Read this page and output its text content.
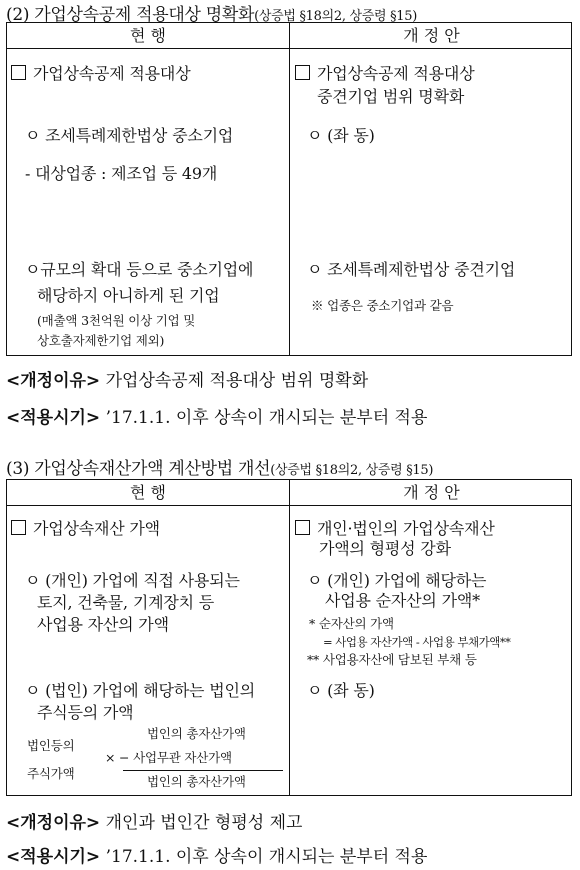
(2) 가업상속공제 적용대상 명확화(상증법 §18의2, 상증령 §15)
현 행	개 정 안
가업상속공제 적용대상
ㅇ 조세특례제한법상 중소기업
- 대상업종 : 제조업 등 49개
ㅇ규모의 확대 등으로 중소기업에
해당하지 아니하게 된 기업
(매출액 3천억원 이상 기업 및
상호출자제한기업 제외)
가업상속공제 적용대상
중견기업 범위 명확화
ㅇ (좌 동)
ㅇ 조세특례제한법상 중견기업
※ 업종은 중소기업과 같음
<개정이유> 가업상속공제 적용대상 범위 명확화
<적용시기> ’17.1.1. 이후 상속이 개시되는 분부터 적용
(3) 가업상속재산가액 계산방법 개선(상증법 §18의2, 상증령 §15)
현 행	개 정 안
가업상속재산 가액
ㅇ (개인) 가업에 직접 사용되는
토지, 건축물, 기계장치 등
사업용 자산의 가액
ㅇ (법인) 가업에 해당하는 법인의
주식등의 가액
법인등의
주식가액
법인의 총자산가액
× − 사업무관 자산가액
법인의 총자산가액
개인·법인의 가업상속재산
가액의 형평성 강화
ㅇ (개인) 가업에 해당하는
사업용 순자산의 가액*
* 순자산의 가액
= 사업용 자산가액 - 사업용 부채가액**
** 사업용자산에 담보된 부채 등
ㅇ (좌 동)
<개정이유> 개인과 법인간 형평성 제고
<적용시기> ’17.1.1. 이후 상속이 개시되는 분부터 적용
